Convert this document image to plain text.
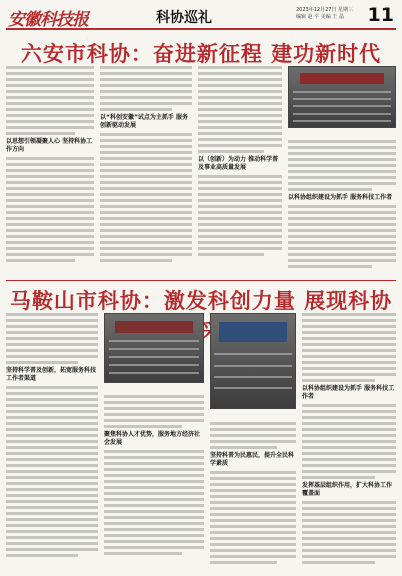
安徽科技报	科协巡礼	2023年12月27日 星期三
编辑 赵 平 美编 王 晶	11
六安市科协：奋进新征程 建功新时代
以思想引领凝聚人心 坚持科协工作方向
以“科创安徽”试点为主抓手 服务创新驱动发展
以（创新）为动力 推动科学普及事业高质量发展
以科协组织建设为抓手 服务科技工作者
马鞍山市科协：激发科创力量 展现科协
坚持科学普及创新，拓宽服务科技工作者渠道
聚焦科协人才优势，服务地方经济社会发展
坚持科普为民惠民，提升全民科学素质
以科协组织建设为抓手 服务科技工作者
发挥基层组织作用，扩大科协工作覆盖面
